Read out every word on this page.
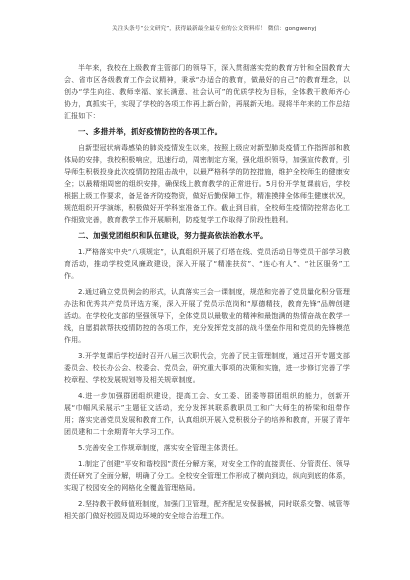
关注头条号“公文研究”，获得最新最全最专业的公文资料库！ 微信：gongwenyj

半年来，我校在上级教育主管部门的领导下，深入贯彻落实党的教育方针和全国教育大会、省市区各级教育工作会议精神，秉承“办适合的教育，做最好的自己”的教育理念，以创办“学生向往、教师幸福、家长满意、社会认可”的优质学校为目标，全体教干教师齐心协力，真抓实干，实现了学校的各项工作再上新台阶，再展新天地。现将半年来的工作总结汇报如下：

一、多措并举，抓好疫情防控的各项工作。

自新型冠状病毒感染的肺炎疫情发生以来，按照上级应对新型肺炎疫情工作指挥部和教体局的安排，我校积极响应，迅速行动，周密制定方案，强化组织领导，加强宣传教育，引导师生积极投身此次疫情防控阻击战中，以最严格科学的防控措施，维护全校师生的健康安全；以最精细周密的组织安排，确保线上教育教学的正常进行。5月份开学复课前后，学校根据上级工作要求，备足备齐防疫物资，做好后勤保障工作，精准摸排全体师生健康状况，规范组织开学演练，积极做好开学科室准备工作。截止到目前，全校师生疫情防控常态化工作细致完善，教育教学工作开展顺利，防疫复学工作取得了阶段性胜利。

二、加强党团组织和队伍建设，努力提高依法治教水平。

1.严格落实中央“八项规定”，认真组织开展了灯塔在线、党员活动日等党员干部学习教育活动，推动学校党风廉政建设，深入开展了“精准扶贫”、“连心有人”、“社区服务”工作。

2.通过确立党员例会的形式，认真落实三会一课制度，规范和完善了党员量化积分管理办法和优秀共产党员评选方案，深入开展了党员示范岗和“厚德精技，教育先锋”品牌创建活动。在学校化支部的坚强领导下，全体党员以最敬业的精神和最饱满的热情奋战在教学一线，自愿捐款帮扶疫情防控的各项工作，充分发挥党支部的战斗堡垒作用和党员的先锋模范作用。

3.开学复课后学校适时召开八届三次职代会，完善了民主管理制度，通过召开专题支部委员会、校长办公会、校委会、党员会，研究重大事项的决策和实施，进一步修订完善了学校章程、学校发展规划等及相关规章制度。

4.进一步加强群团组织建设，提高工会、女工委、团委等群团组织的能力，创新开展“巾帼风采展示”主题征文活动，充分发挥其联系教职员工和广大师生的桥梁和纽带作用；落实完善党员发展和教育工作，认真组织开展入党积极分子的培养和教育，开展了青年团员建和二十余期青年大学习工作。

5.完善安全工作规章制度，落实安全管理主体责任。

1.制定了创建“平安和谐校园”责任分解方案，对安全工作的直接责任、分管责任、领导责任研究了全面分解，明确了分工。全校安全管理工作形成了横向到边，纵向到底的体系，实现了校园安全的网格化全覆盖管理格局。

2.坚持教干教师值班制度，加强门卫管理，配齐配足安保器械，同时联系交警、城管等相关部门做好校园及周边环境的安全综合治理工作。
